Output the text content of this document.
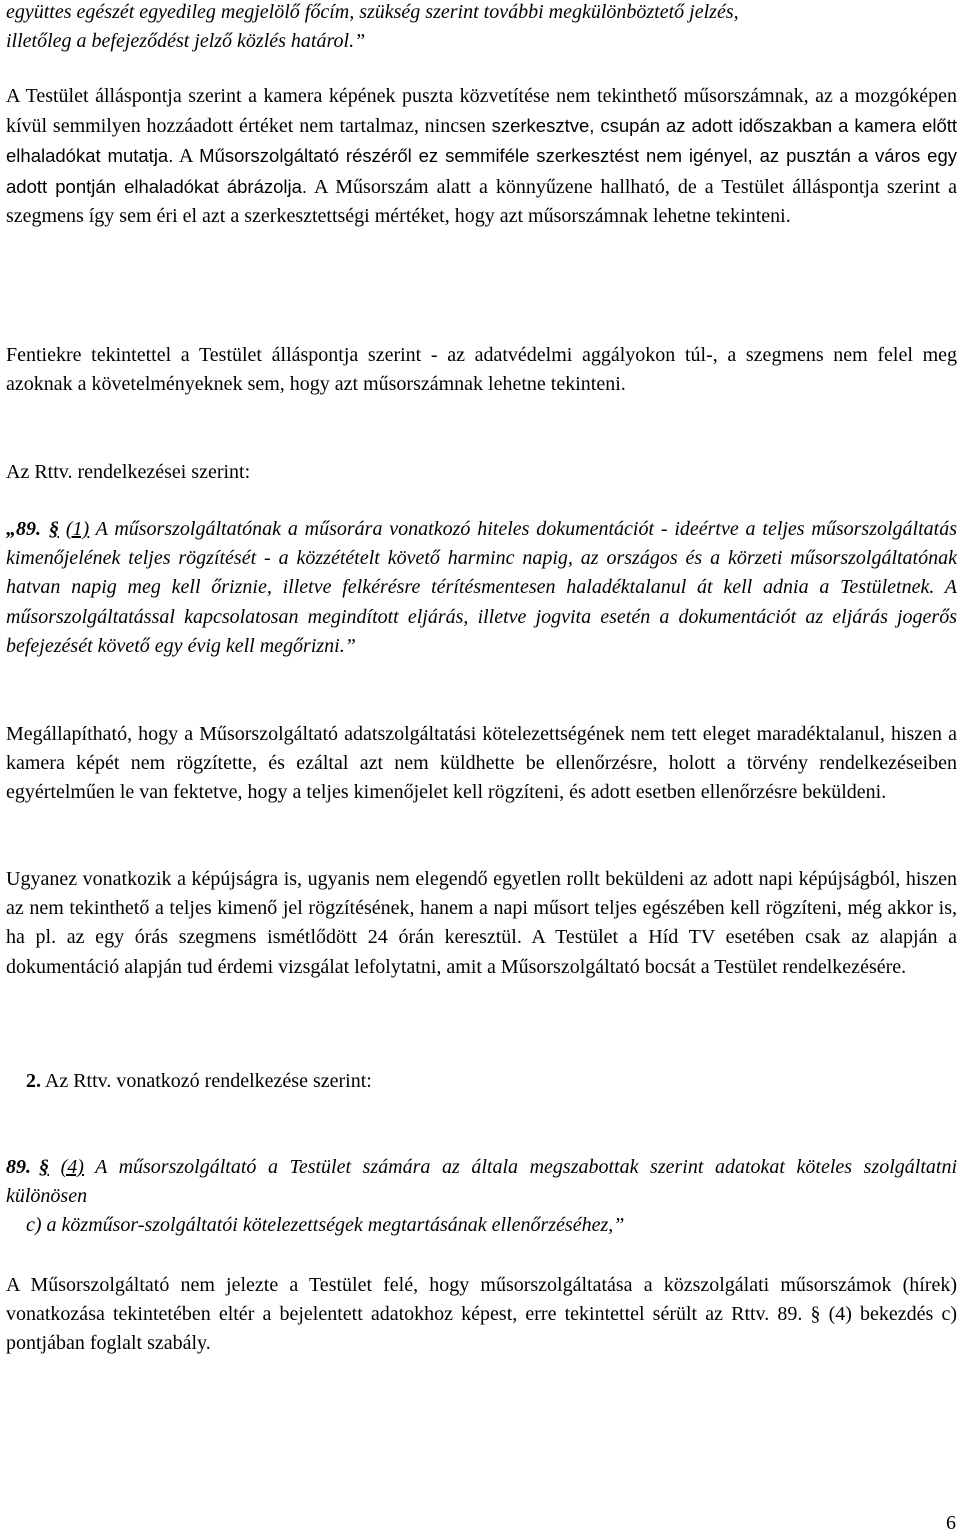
együttes egészét egyedileg megjelölő főcím, szükség szerint további megkülönböztető jelzés,
illetőleg a befejeződést jelző közlés határol.”

A Testület álláspontja szerint a kamera képének puszta közvetítése nem tekinthető műsorszámnak, az a mozgóképen kívül semmilyen hozzáadott értéket nem tartalmaz, nincsen szerkesztve, csupán az adott időszakban a kamera előtt elhaladókat mutatja. A Műsorszolgáltató részéről ez semmiféle szerkesztést nem igényel, az pusztán a város egy adott pontján elhaladókat ábrázolja. A Műsorszám alatt a könnyűzene hallható, de a Testület álláspontja szerint a szegmens így sem éri el azt a szerkesztettségi mértéket, hogy azt műsorszámnak lehetne tekinteni.

Fentiekre tekintettel a Testület álláspontja szerint - az adatvédelmi aggályokon túl-, a szegmens nem felel meg azoknak a követelményeknek sem, hogy azt műsorszámnak lehetne tekinteni.

Az Rttv. rendelkezései szerint:

„89. § (1) A műsorszolgáltatónak a műsorára vonatkozó hiteles dokumentációt - ideértve a teljes műsorszolgáltatás kimenőjelének teljes rögzítését - a közzétételt követő harminc napig, az országos és a körzeti műsorszolgáltatónak hatvan napig meg kell őriznie, illetve felkérésre térítésmentesen haladéktalanul át kell adnia a Testületnek. A műsorszolgáltatással kapcsolatosan megindított eljárás, illetve jogvita esetén a dokumentációt az eljárás jogerős befejezését követő egy évig kell megőrizni.”

Megállapítható, hogy a Műsorszolgáltató adatszolgáltatási kötelezettségének nem tett eleget maradéktalanul, hiszen a kamera képét nem rögzítette, és ezáltal azt nem küldhette be ellenőrzésre, holott a törvény rendelkezéseiben egyértelműen le van fektetve, hogy a teljes kimenőjelet kell rögzíteni, és adott esetben ellenőrzésre beküldeni.

Ugyanez vonatkozik a képújságra is, ugyanis nem elegendő egyetlen rollt beküldeni az adott napi képújságból, hiszen az nem tekinthető a teljes kimenő jel rögzítésének, hanem a napi műsort teljes egészében kell rögzíteni, még akkor is, ha pl. az egy órás szegmens ismétlődött 24 órán keresztül. A Testület a Híd TV esetében csak az alapján a dokumentáció alapján tud érdemi vizsgálat lefolytatni, amit a Műsorszolgáltató bocsát a Testület rendelkezésére.

2. Az Rttv. vonatkozó rendelkezése szerint:

89. § (4) A műsorszolgáltató a Testület számára az általa megszabottak szerint adatokat köteles szolgáltatni különösen
c) a közműsor-szolgáltatói kötelezettségek megtartásának ellenőrzéséhez,”

A Műsorszolgáltató nem jelezte a Testület felé, hogy műsorszolgáltatása a közszolgálati műsorszámok (hírek) vonatkozása tekintetében eltér a bejelentett adatokhoz képest, erre tekintettel sérült az Rttv. 89. § (4) bekezdés c) pontjában foglalt szabály.

6
